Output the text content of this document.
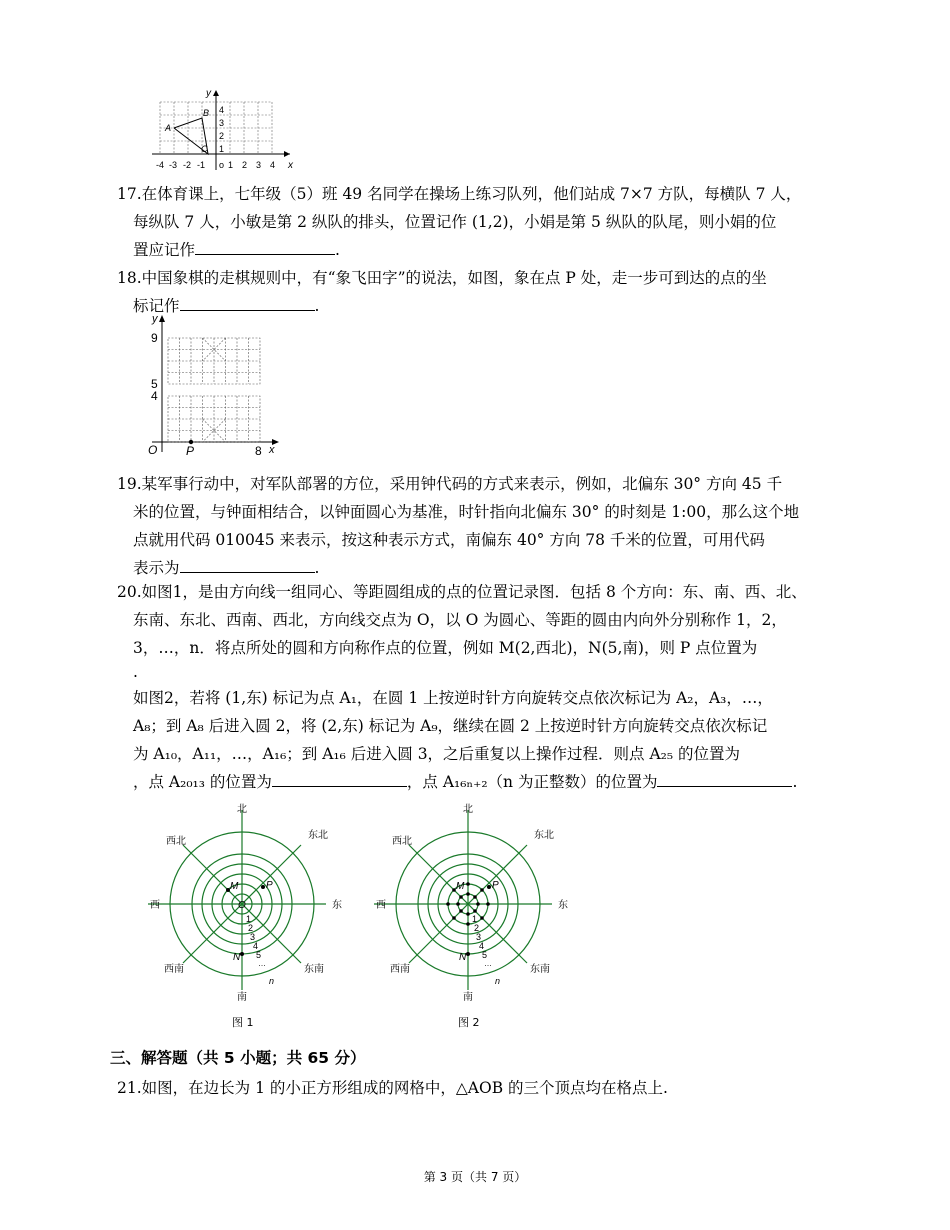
y
x
o
-4 -3 -2 -1	1 2 3 4
1
2
3
4
A
B
C
17.在体育课上，七年级（5）班 49 名同学在操场上练习队列，他们站成 7×7 方队，每横队 7 人，
每纵队 7 人，小敏是第 2 纵队的排头，位置记作 (1,2)，小娟是第 5 纵队的队尾，则小娟的位
置应记作	.
18.中国象棋的走棋规则中，有“象飞田字”的说法，如图，象在点 P 处，走一步可到达的点的坐
标记作	.
y
9
5
4
O P	8 x
19.某军事行动中，对军队部署的方位，采用钟代码的方式来表示，例如，北偏东 30° 方向 45 千
米的位置，与钟面相结合，以钟面圆心为基准，时针指向北偏东 30° 的时刻是 1:00，那么这个地
点就用代码 010045 来表示，按这种表示方式，南偏东 40° 方向 78 千米的位置，可用代码
表示为	.
20.如图1，是由方向线一组同心、等距圆组成的点的位置记录图．包括 8 个方向：东、南、西、北、
东南、东北、西南、西北，方向线交点为 O，以 O 为圆心、等距的圆由内向外分别称作 1，2，
3，…，n．将点所处的圆和方向称作点的位置，例如 M(2,西北)，N(5,南)，则 P 点位置为
.
如图2，若将 (1,东) 标记为点 A₁，在圆 1 上按逆时针方向旋转交点依次标记为 A₂，A₃，…，
A₈；到 A₈ 后进入圆 2，将 (2,东) 标记为 A₉，继续在圆 2 上按逆时针方向旋转交点依次标记
为 A₁₀，A₁₁，…，A₁₆；到 A₁₆ 后进入圆 3，之后重复以上操作过程．则点 A₂₅ 的位置为
，点 A₂₀₁₃ 的位置为	，点 A₁₆ₙ₊₂（n 为正整数）的位置为	.
北
南
东
西
东北
西北
东南
西南
O
M	P
N
1
2
3
4
5
…
n
图 1
北
南
东
西
东北
西北
东南
西南
M	P
N
1
2
3
4
5
…
n
图 2
三、解答题（共 5 小题；共 65 分）
21.如图，在边长为 1 的小正方形组成的网格中，△AOB 的三个顶点均在格点上.
第 3 页（共 7 页）
